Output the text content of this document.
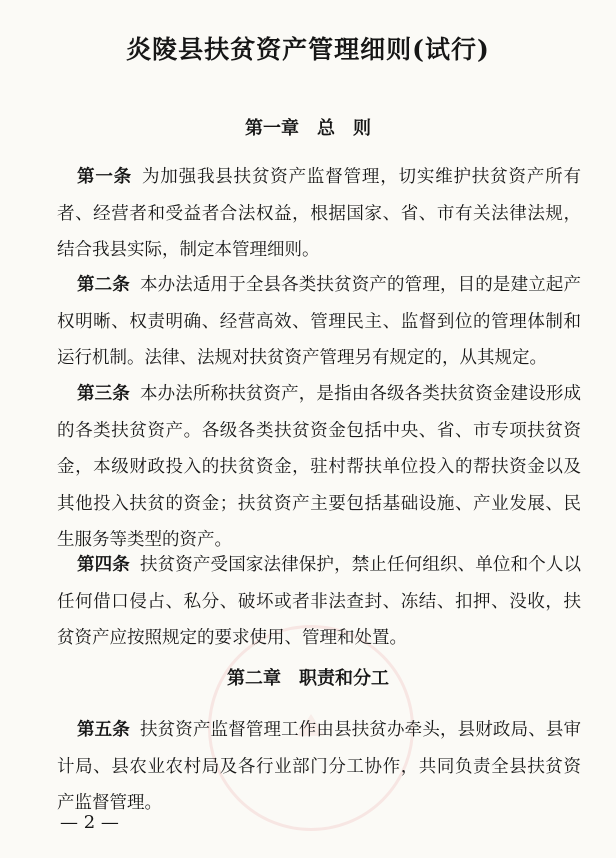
炎陵县扶贫资产管理细则(试行)
第一章　总　则

第一条 为加强我县扶贫资产监督管理，切实维护扶贫资产所有者、经营者和受益者合法权益，根据国家、省、市有关法律法规，结合我县实际，制定本管理细则。

第二条 本办法适用于全县各类扶贫资产的管理，目的是建立起产权明晰、权责明确、经营高效、管理民主、监督到位的管理体制和运行机制。法律、法规对扶贫资产管理另有规定的，从其规定。

第三条 本办法所称扶贫资产，是指由各级各类扶贫资金建设形成的各类扶贫资产。各级各类扶贫资金包括中央、省、市专项扶贫资金，本级财政投入的扶贫资金，驻村帮扶单位投入的帮扶资金以及其他投入扶贫的资金；扶贫资产主要包括基础设施、产业发展、民生服务等类型的资产。

第四条 扶贫资产受国家法律保护，禁止任何组织、单位和个人以任何借口侵占、私分、破坏或者非法查封、冻结、扣押、没收，扶贫资产应按照规定的要求使用、管理和处置。

第二章　职责和分工

第五条 扶贫资产监督管理工作由县扶贫办牵头，县财政局、县审计局、县农业农村局及各行业部门分工协作，共同负责全县扶贫资产监督管理。

— 2 —
